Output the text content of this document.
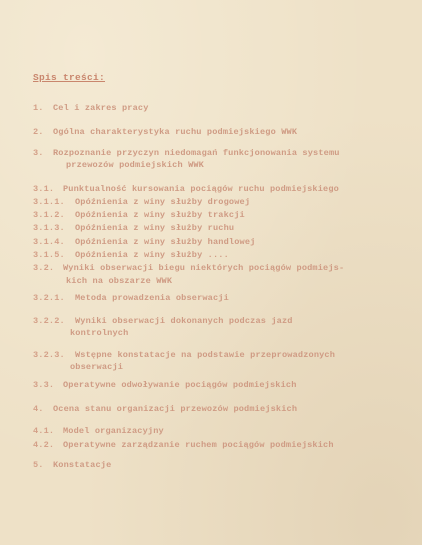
Spis treści:
1. Cel i zakres pracy
2. Ogólna charakterystyka ruchu podmiejskiego WWK
3. Rozpoznanie przyczyn niedomagań funkcjonowania systemu
przewozów podmiejskich WWK
3.1. Punktualność kursowania pociągów ruchu podmiejskiego
3.1.1. Opóźnienia z winy służby drogowej
3.1.2. Opóźnienia z winy służby trakcji
3.1.3. Opóźnienia z winy służby ruchu
3.1.4. Opóźnienia z winy służby handlowej
3.1.5. Opóźnienia z winy służby ....
3.2. Wyniki obserwacji biegu niektórych pociągów podmiejs-
kich na obszarze WWK
3.2.1. Metoda prowadzenia obserwacji
3.2.2. Wyniki obserwacji dokonanych podczas jazd
kontrolnych
3.2.3. Wstępne konstatacje na podstawie przeprowadzonych
obserwacji
3.3. Operatywne odwoływanie pociągów podmiejskich
4. Ocena stanu organizacji przewozów podmiejskich
4.1. Model organizacyjny
4.2. Operatywne zarządzanie ruchem pociągów podmiejskich
5. Konstatacje
